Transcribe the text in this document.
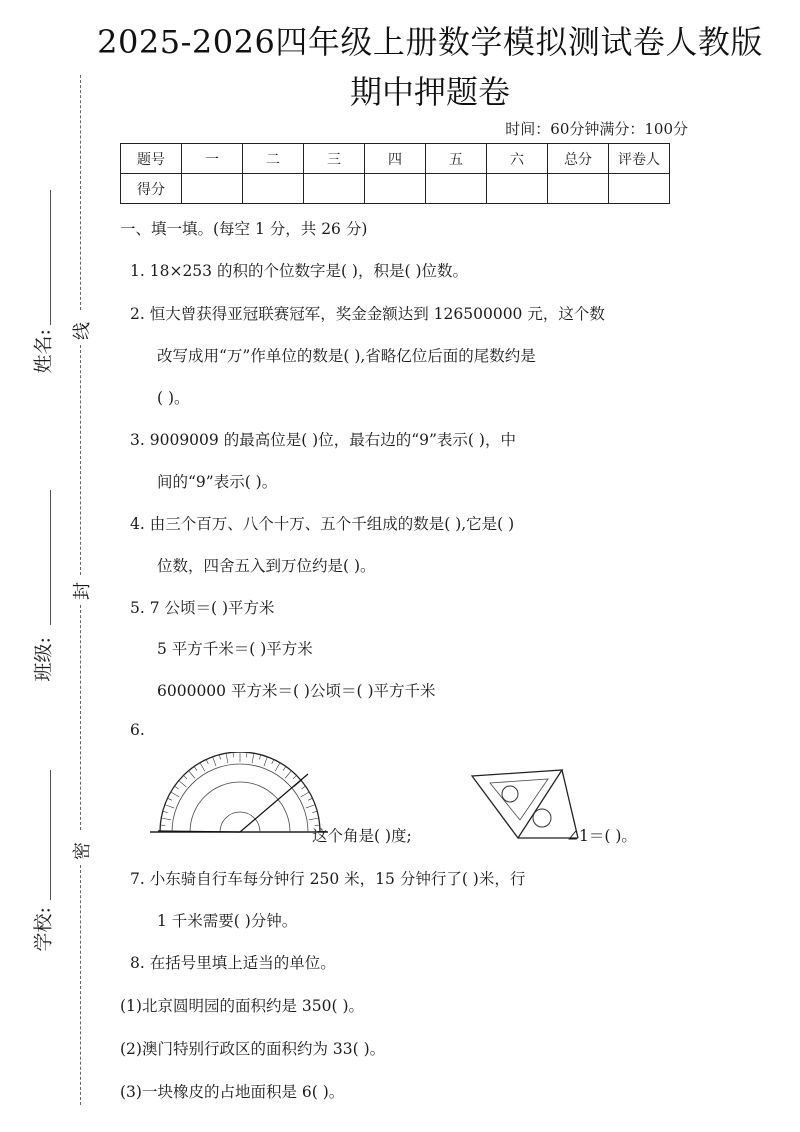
2025-2026四年级上册数学模拟测试卷人教版
期中押题卷
时间：60分钟满分：100分
姓名:
班级:
学校:
线
封
密
题号	一	二	三	四	五	六	总分	评卷人
得分								
一、填一填。(每空 1 分，共 26 分)
1. 18×253 的积的个位数字是( )，积是( )位数。
2. 恒大曾获得亚冠联赛冠军，奖金金额达到 126500000 元，这个数
改写成用“万”作单位的数是( ),省略亿位后面的尾数约是
( )。
3. 9009009 的最高位是( )位，最右边的“9”表示( )，中
间的“9”表示( )。
4. 由三个百万、八个十万、五个千组成的数是( ),它是( )
位数，四舍五入到万位约是( )。
5. 7 公顷＝( )平方米
5 平方千米＝( )平方米
6000000 平方米＝( )公顷＝( )平方千米
6.
这个角是( )度;	∠1＝( )。
7. 小东骑自行车每分钟行 250 米，15 分钟行了( )米，行
1 千米需要( )分钟。
8. 在括号里填上适当的单位。
(1)北京圆明园的面积约是 350( )。
(2)澳门特别行政区的面积约为 33( )。
(3)一块橡皮的占地面积是 6( )。
